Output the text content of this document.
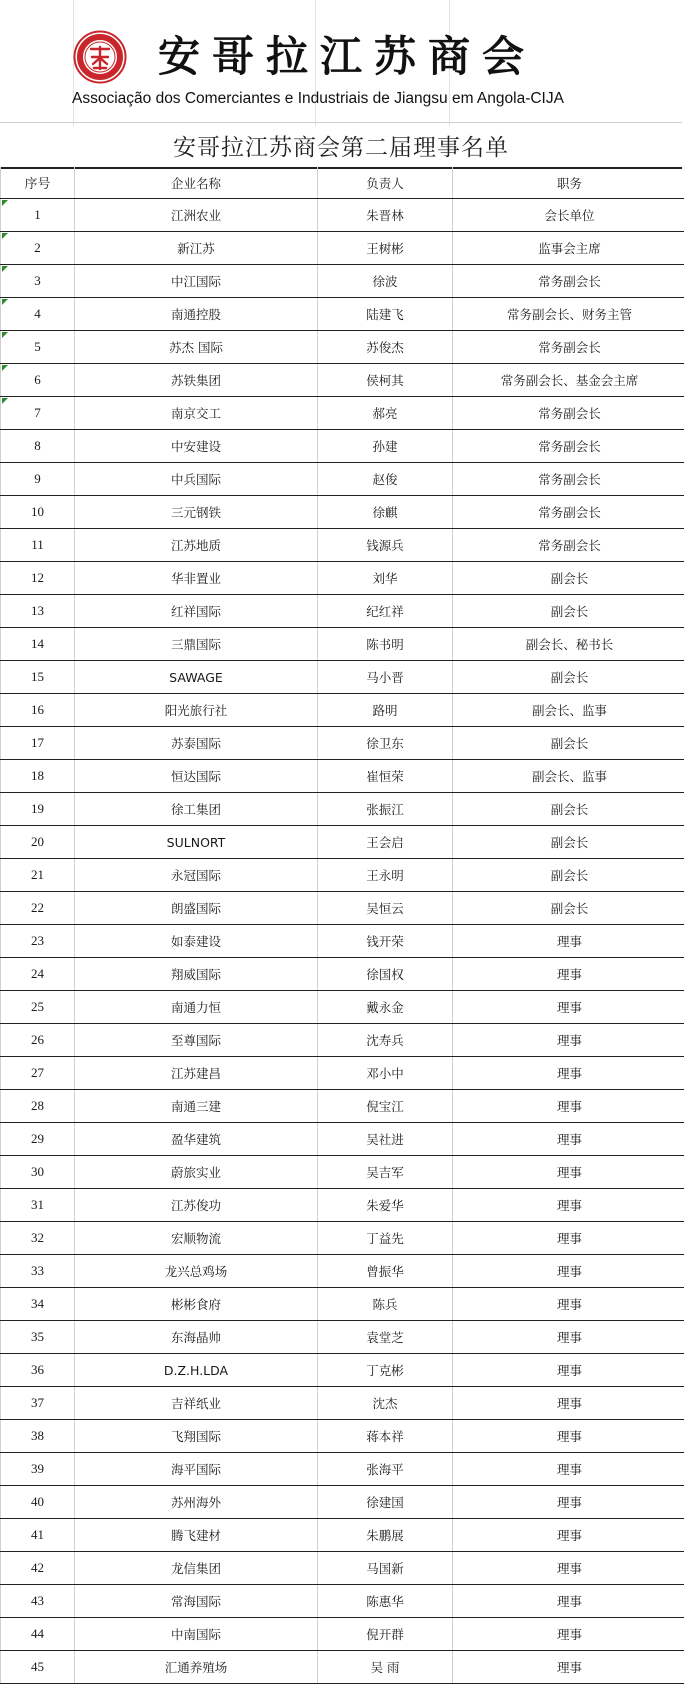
安哥拉江苏商会
Associação dos Comerciantes e Industriais de Jiangsu em Angola-CIJA
安哥拉江苏商会第二届理事名单
序号	企业名称	负责人	职务
1	江洲农业	朱晋林	会长单位
2	新江苏	王树彬	监事会主席
3	中江国际	徐波	常务副会长
4	南通控股	陆建飞	常务副会长、财务主管
5	苏杰 国际	苏俊杰	常务副会长
6	苏铁集团	侯柯其	常务副会长、基金会主席
7	南京交工	郝亮	常务副会长
8	中安建设	孙建	常务副会长
9	中兵国际	赵俊	常务副会长
10	三元钢铁	徐麒	常务副会长
11	江苏地质	钱源兵	常务副会长
12	华非置业	刘华	副会长
13	红祥国际	纪红祥	副会长
14	三鼎国际	陈书明	副会长、秘书长
15	SAWAGE	马小晋	副会长
16	阳光旅行社	路明	副会长、监事
17	苏泰国际	徐卫东	副会长
18	恒达国际	崔恒荣	副会长、监事
19	徐工集团	张振江	副会长
20	SULNORT	王会启	副会长
21	永冠国际	王永明	副会长
22	朗盛国际	吴恒云	副会长
23	如泰建设	钱开荣	理事
24	翔威国际	徐国权	理事
25	南通力恒	戴永金	理事
26	至尊国际	沈寿兵	理事
27	江苏建昌	邓小中	理事
28	南通三建	倪宝江	理事
29	盈华建筑	吴社进	理事
30	蔚旅实业	吴吉军	理事
31	江苏俊功	朱爱华	理事
32	宏顺物流	丁益先	理事
33	龙兴总鸡场	曾振华	理事
34	彬彬食府	陈兵	理事
35	东海晶帅	袁堂芝	理事
36	D.Z.H.LDA	丁克彬	理事
37	吉祥纸业	沈杰	理事
38	飞翔国际	蒋本祥	理事
39	海平国际	张海平	理事
40	苏州海外	徐建国	理事
41	腾飞建材	朱鹏展	理事
42	龙信集团	马国新	理事
43	常海国际	陈惠华	理事
44	中南国际	倪开群	理事
45	汇通养殖场	吴 雨	理事
